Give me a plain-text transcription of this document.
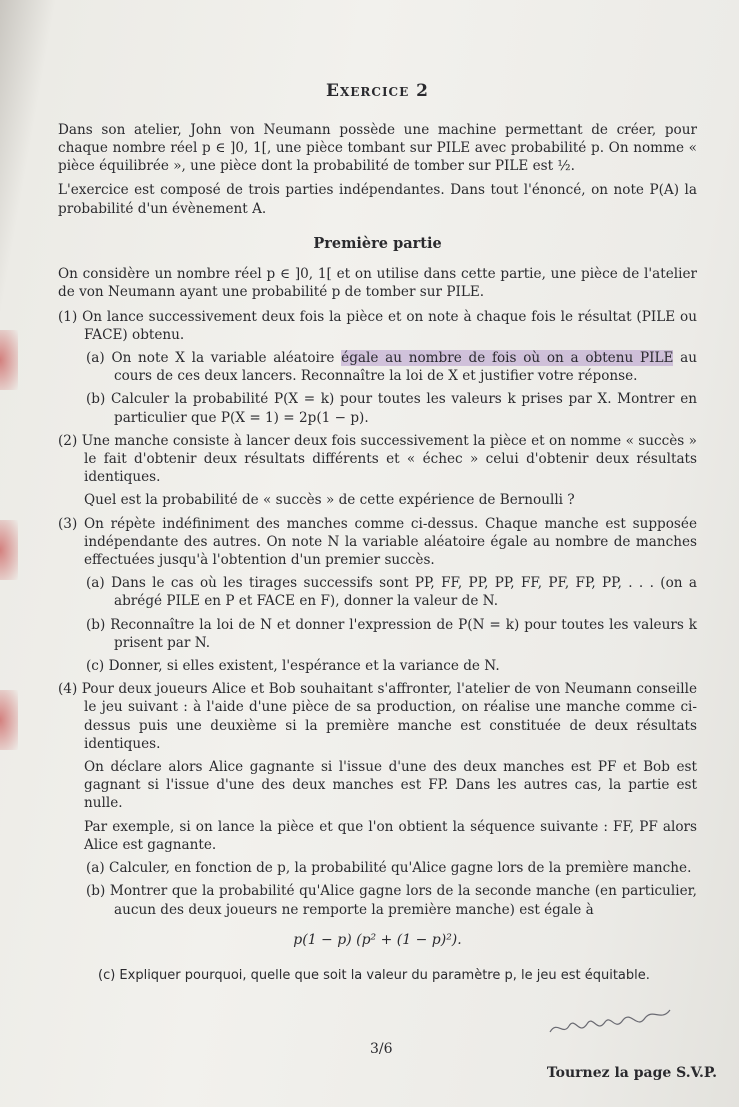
Exercice 2

Dans son atelier, John von Neumann possède une machine permettant de créer, pour chaque nombre réel p ∈ ]0, 1[, une pièce tombant sur PILE avec probabilité p. On nomme « pièce équilibrée », une pièce dont la probabilité de tomber sur PILE est ½.

L'exercice est composé de trois parties indépendantes. Dans tout l'énoncé, on note P(A) la probabilité d'un évènement A.

Première partie

On considère un nombre réel p ∈ ]0, 1[ et on utilise dans cette partie, une pièce de l'atelier de von Neumann ayant une probabilité p de tomber sur PILE.

(1) On lance successivement deux fois la pièce et on note à chaque fois le résultat (PILE ou FACE) obtenu.
(a) On note X la variable aléatoire égale au nombre de fois où on a obtenu PILE au cours de ces deux lancers. Reconnaître la loi de X et justifier votre réponse.
(b) Calculer la probabilité P(X = k) pour toutes les valeurs k prises par X. Montrer en particulier que P(X = 1) = 2p(1 − p).
(2) Une manche consiste à lancer deux fois successivement la pièce et on nomme « succès » le fait d'obtenir deux résultats différents et « échec » celui d'obtenir deux résultats identiques.
Quel est la probabilité de « succès » de cette expérience de Bernoulli ?
(3) On répète indéfiniment des manches comme ci-dessus. Chaque manche est supposée indépendante des autres. On note N la variable aléatoire égale au nombre de manches effectuées jusqu'à l'obtention d'un premier succès.
(a) Dans le cas où les tirages successifs sont PP, FF, PP, PP, FF, PF, FP, PP, . . . (on a abrégé PILE en P et FACE en F), donner la valeur de N.
(b) Reconnaître la loi de N et donner l'expression de P(N = k) pour toutes les valeurs k prisent par N.
(c) Donner, si elles existent, l'espérance et la variance de N.
(4) Pour deux joueurs Alice et Bob souhaitant s'affronter, l'atelier de von Neumann conseille le jeu suivant : à l'aide d'une pièce de sa production, on réalise une manche comme ci-dessus puis une deuxième si la première manche est constituée de deux résultats identiques.
On déclare alors Alice gagnante si l'issue d'une des deux manches est PF et Bob est gagnant si l'issue d'une des deux manches est FP. Dans les autres cas, la partie est nulle.
Par exemple, si on lance la pièce et que l'on obtient la séquence suivante : FF, PF alors Alice est gagnante.
(a) Calculer, en fonction de p, la probabilité qu'Alice gagne lors de la première manche.
(b) Montrer que la probabilité qu'Alice gagne lors de la seconde manche (en particulier, aucun des deux joueurs ne remporte la première manche) est égale à
p(1 − p) (p² + (1 − p)²).
(c) Expliquer pourquoi, quelle que soit la valeur du paramètre p, le jeu est équitable.
3/6
Tournez la page S.V.P.
